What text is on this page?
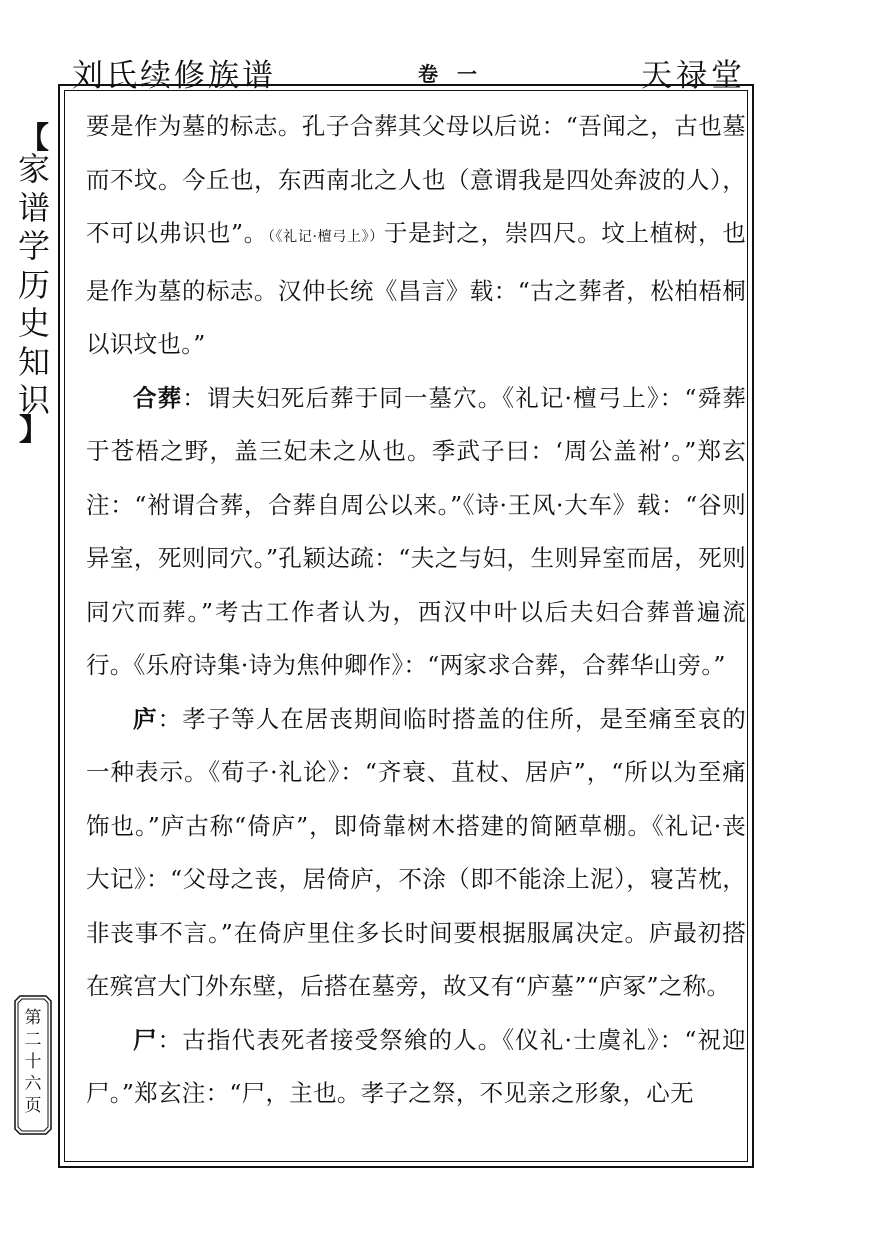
刘氏续修族谱	卷 一	天禄堂
【
家
谱
学
历
史
知
识
】
第
二
十
六
页

要是作为墓的标志。孔子合葬其父母以后说：“吾闻之，古也墓而不坟。今丘也，东西南北之人也（意谓我是四处奔波的人），不可以弗识也”。（《礼记·檀弓上》）于是封之，崇四尺。坟上植树，也是作为墓的标志。汉仲长统《昌言》载：“古之葬者，松柏梧桐以识坟也。”

合葬：谓夫妇死后葬于同一墓穴。《礼记·檀弓上》：“舜葬于苍梧之野，盖三妃未之从也。季武子曰：‘周公盖袝’。”郑玄注：“袝谓合葬，合葬自周公以来。”《诗·王风·大车》载：“谷则异室，死则同穴。”孔颖达疏：“夫之与妇，生则异室而居，死则同穴而葬。”考古工作者认为，西汉中叶以后夫妇合葬普遍流行。《乐府诗集·诗为焦仲卿作》：“两家求合葬，合葬华山旁。”

庐：孝子等人在居丧期间临时搭盖的住所，是至痛至哀的一种表示。《荀子·礼论》：“齐衰、苴杖、居庐”，“所以为至痛饰也。”庐古称“倚庐”，即倚靠树木搭建的简陋草棚。《礼记·丧大记》：“父母之丧，居倚庐，不涂（即不能涂上泥），寝苫枕，非丧事不言。”在倚庐里住多长时间要根据服属决定。庐最初搭在殡宫大门外东壁，后搭在墓旁，故又有“庐墓”“庐冢”之称。

尸：古指代表死者接受祭飨的人。《仪礼·士虞礼》：“祝迎尸。”郑玄注：“尸，主也。孝子之祭，不见亲之形象，心无
